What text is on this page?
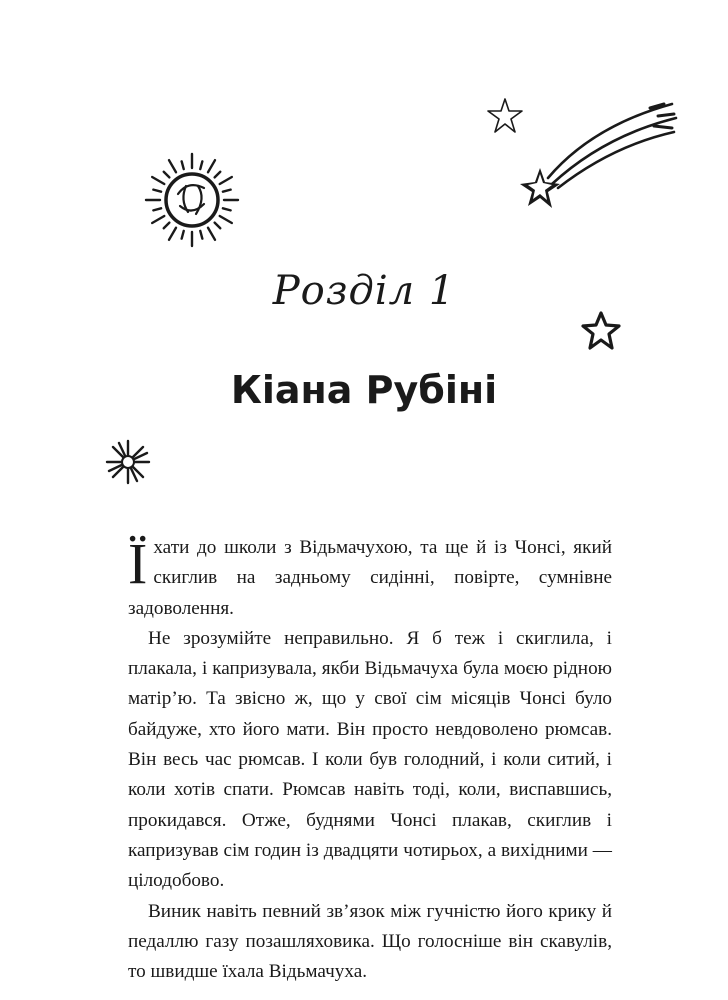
Розділ 1
Кіана Рубіні

Їхати до школи з Відьмачухою, та ще й із Чонсі, який скиглив на задньому сидінні, повірте, сумнівне задоволення.

Не зрозумійте неправильно. Я б теж і скиглила, і плакала, і капризувала, якби Відьмачуха була моєю рідною матір’ю. Та звісно ж, що у свої сім місяців Чонсі було байдуже, хто його мати. Він просто невдоволено рюмсав. Він весь час рюмсав. І коли був голодний, і коли ситий, і коли хотів спати. Рюмсав навіть тоді, коли, виспавшись, прокидався. Отже, буднями Чонсі плакав, скиглив і капризував сім годин із двадцяти чотирьох, а вихідними — цілодобово.

Виник навіть певний зв’язок між гучністю його крику й педаллю газу позашляховика. Що голосніше він скавулів, то швидше їхала Відьмачуха.
